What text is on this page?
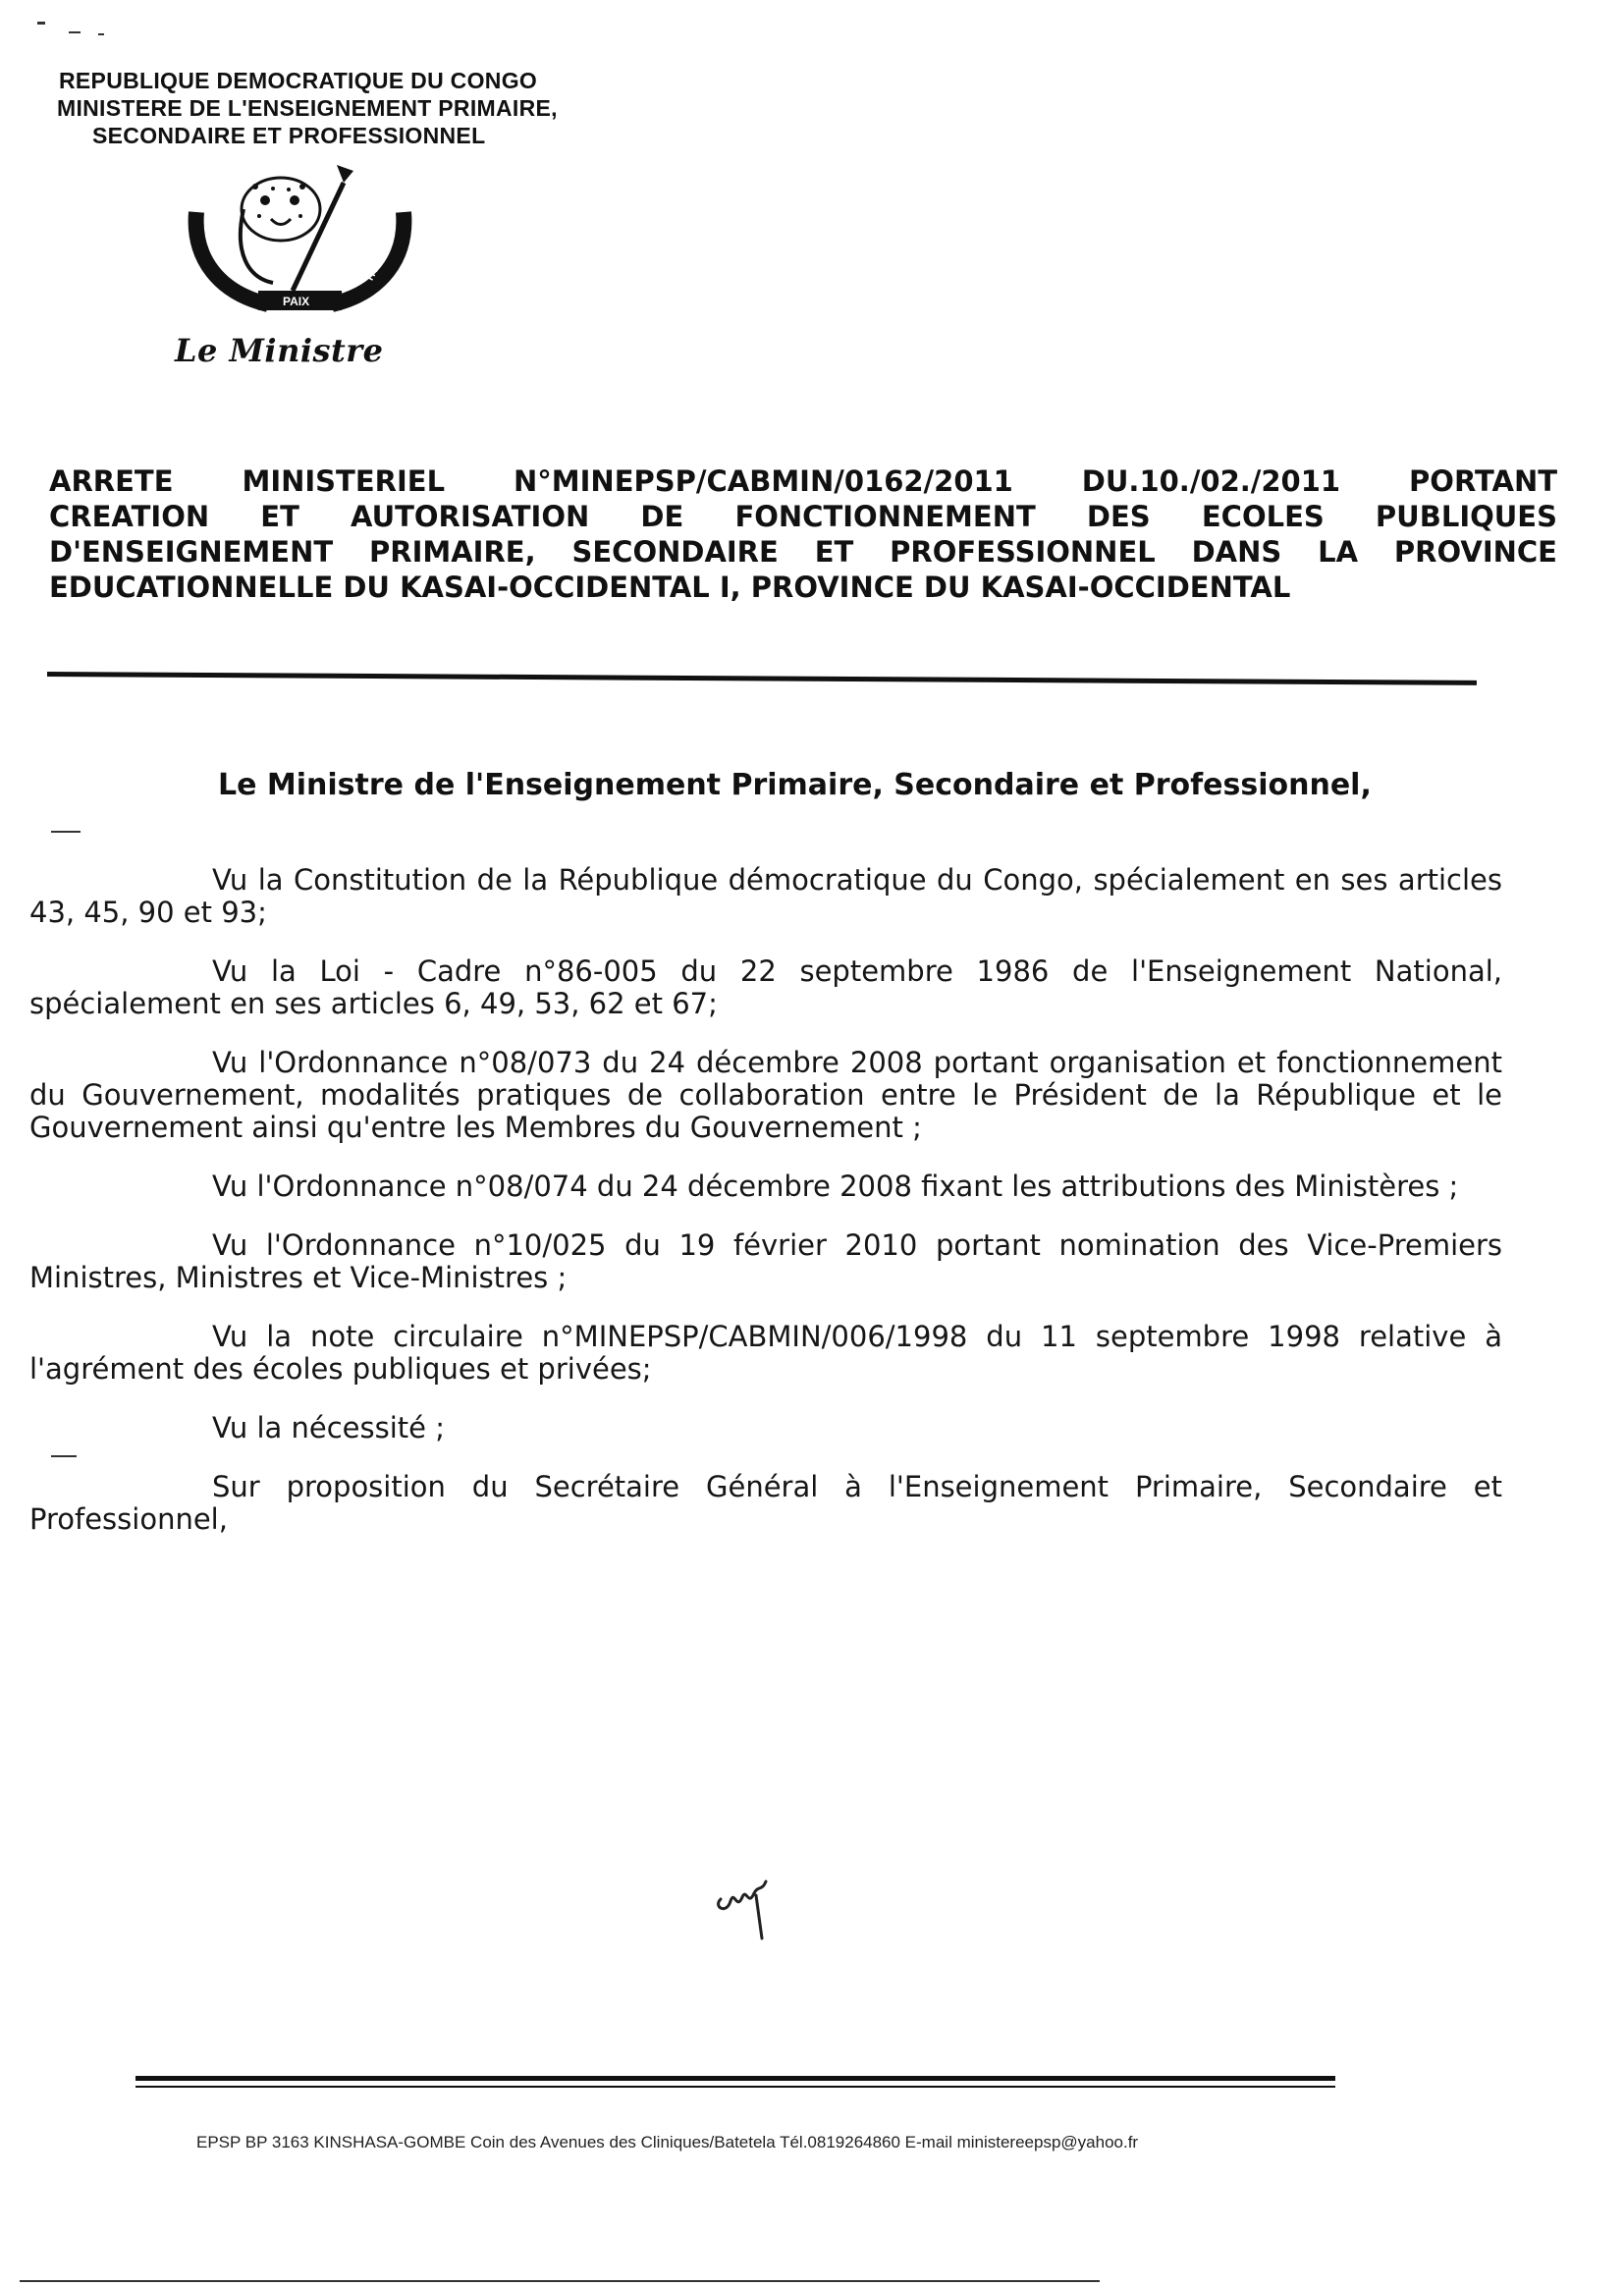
REPUBLIQUE DEMOCRATIQUE DU CONGO
MINISTERE DE L'ENSEIGNEMENT PRIMAIRE,
SECONDAIRE ET PROFESSIONNEL
JUSTICE	TRAVAIL
PAIX
Le Ministre
ARRETE MINISTERIEL N°MINEPSP/CABMIN/0162/2011 DU.10./02./2011 PORTANT
CREATION ET AUTORISATION DE FONCTIONNEMENT DES ECOLES PUBLIQUES
D'ENSEIGNEMENT PRIMAIRE, SECONDAIRE ET PROFESSIONNEL DANS LA PROVINCE
EDUCATIONNELLE DU KASAI-OCCIDENTAL I, PROVINCE DU KASAI-OCCIDENTAL
Le Ministre de l'Enseignement Primaire, Secondaire et Professionnel,

Vu la Constitution de la République démocratique du Congo, spécialement en ses articles 43, 45, 90 et 93;

Vu la Loi - Cadre n°86-005 du 22 septembre 1986 de l'Enseignement National, spécialement en ses articles 6, 49, 53, 62 et 67;

Vu l'Ordonnance n°08/073 du 24 décembre 2008 portant organisation et fonctionnement du Gouvernement, modalités pratiques de collaboration entre le Président de la République et le Gouvernement ainsi qu'entre les Membres du Gouvernement ;

Vu l'Ordonnance n°08/074 du 24 décembre 2008 fixant les attributions des Ministères ;

Vu l'Ordonnance n°10/025 du 19 février 2010 portant nomination des Vice-Premiers Ministres, Ministres et Vice-Ministres ;

Vu la note circulaire n°MINEPSP/CABMIN/006/1998 du 11 septembre 1998 relative à l'agrément des écoles publiques et privées;

Vu la nécessité ;

Sur proposition du Secrétaire Général à l'Enseignement Primaire, Secondaire et Professionnel,

EPSP BP 3163 KINSHASA-GOMBE Coin des Avenues des Cliniques/Batetela Tél.0819264860 E-mail ministereepsp@yahoo.fr
